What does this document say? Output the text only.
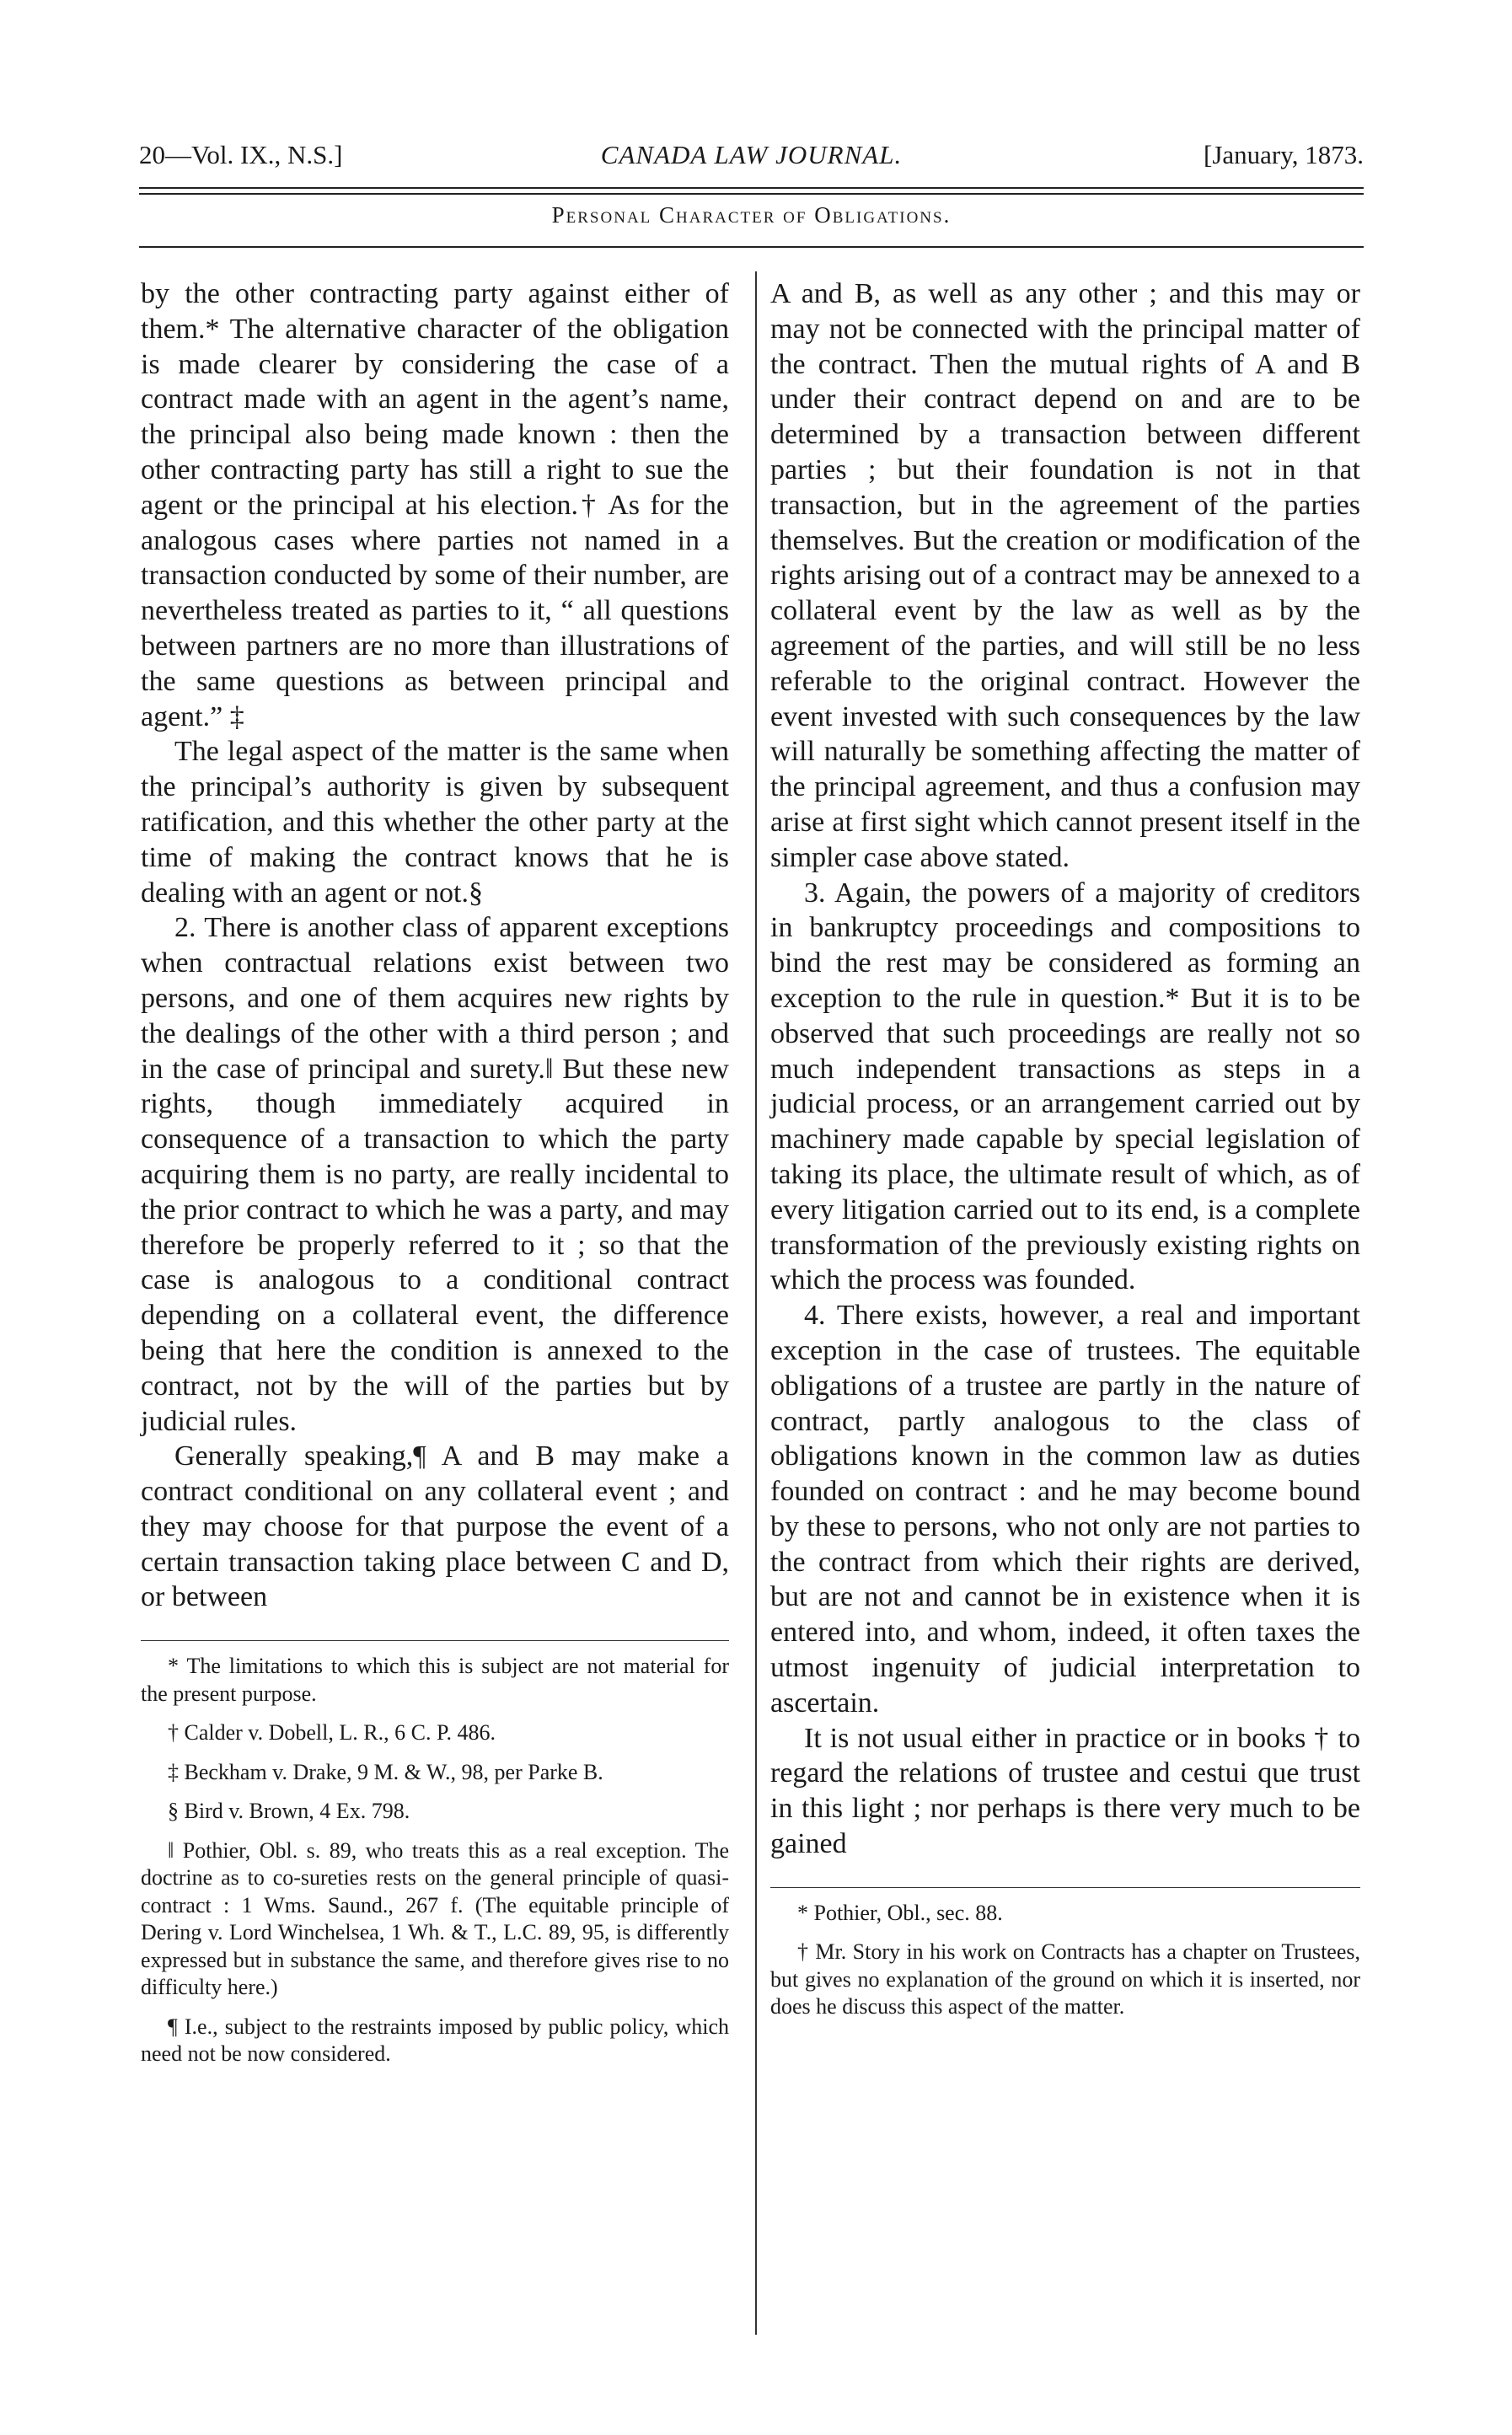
20—Vol. IX., N.S.]	CANADA LAW JOURNAL.	[January, 1873.
Personal Character of Obligations.

by the other contracting party against either of them.* The alternative character of the obligation is made clearer by considering the case of a contract made with an agent in the agent’s name, the principal also being made known : then the other contracting party has still a right to sue the agent or the principal at his election.† As for the analogous cases where parties not named in a transaction conducted by some of their number, are nevertheless treated as parties to it, “ all questions between partners are no more than illustrations of the same questions as between principal and agent.” ‡

The legal aspect of the matter is the same when the principal’s authority is given by subsequent ratification, and this whether the other party at the time of making the contract knows that he is dealing with an agent or not.§

2. There is another class of apparent exceptions when contractual relations exist between two persons, and one of them acquires new rights by the dealings of the other with a third person ; and in the case of principal and surety.‖ But these new rights, though immediately acquired in consequence of a transaction to which the party acquiring them is no party, are really incidental to the prior contract to which he was a party, and may therefore be properly referred to it ; so that the case is analogous to a conditional contract depending on a collateral event, the difference being that here the condition is annexed to the contract, not by the will of the parties but by judicial rules.

Generally speaking,¶ A and B may make a contract conditional on any collateral event ; and they may choose for that purpose the event of a certain transaction taking place between C and D, or between

* The limitations to which this is subject are not material for the present purpose.

† Calder v. Dobell, L. R., 6 C. P. 486.

‡ Beckham v. Drake, 9 M. & W., 98, per Parke B.

§ Bird v. Brown, 4 Ex. 798.

‖ Pothier, Obl. s. 89, who treats this as a real exception. The doctrine as to co-sureties rests on the general principle of quasi-contract : 1 Wms. Saund., 267 f. (The equitable principle of Dering v. Lord Winchelsea, 1 Wh. & T., L.C. 89, 95, is differently expressed but in substance the same, and therefore gives rise to no difficulty here.)

¶ I.e., subject to the restraints imposed by public policy, which need not be now considered.

A and B, as well as any other ; and this may or may not be connected with the principal matter of the contract. Then the mutual rights of A and B under their contract depend on and are to be determined by a transaction between different parties ; but their foundation is not in that transaction, but in the agreement of the parties themselves. But the creation or modification of the rights arising out of a contract may be annexed to a collateral event by the law as well as by the agreement of the parties, and will still be no less referable to the original contract. However the event invested with such consequences by the law will naturally be something affecting the matter of the principal agreement, and thus a confusion may arise at first sight which cannot present itself in the simpler case above stated.

3. Again, the powers of a majority of creditors in bankruptcy proceedings and compositions to bind the rest may be considered as forming an exception to the rule in question.* But it is to be observed that such proceedings are really not so much independent transactions as steps in a judicial process, or an arrangement carried out by machinery made capable by special legislation of taking its place, the ultimate result of which, as of every litigation carried out to its end, is a complete transformation of the previously existing rights on which the process was founded.

4. There exists, however, a real and important exception in the case of trustees. The equitable obligations of a trustee are partly in the nature of contract, partly analogous to the class of obligations known in the common law as duties founded on contract : and he may become bound by these to persons, who not only are not parties to the contract from which their rights are derived, but are not and cannot be in existence when it is entered into, and whom, indeed, it often taxes the utmost ingenuity of judicial interpretation to ascertain.

It is not usual either in practice or in books † to regard the relations of trustee and cestui que trust in this light ; nor perhaps is there very much to be gained

* Pothier, Obl., sec. 88.

† Mr. Story in his work on Contracts has a chapter on Trustees, but gives no explanation of the ground on which it is inserted, nor does he discuss this aspect of the matter.
